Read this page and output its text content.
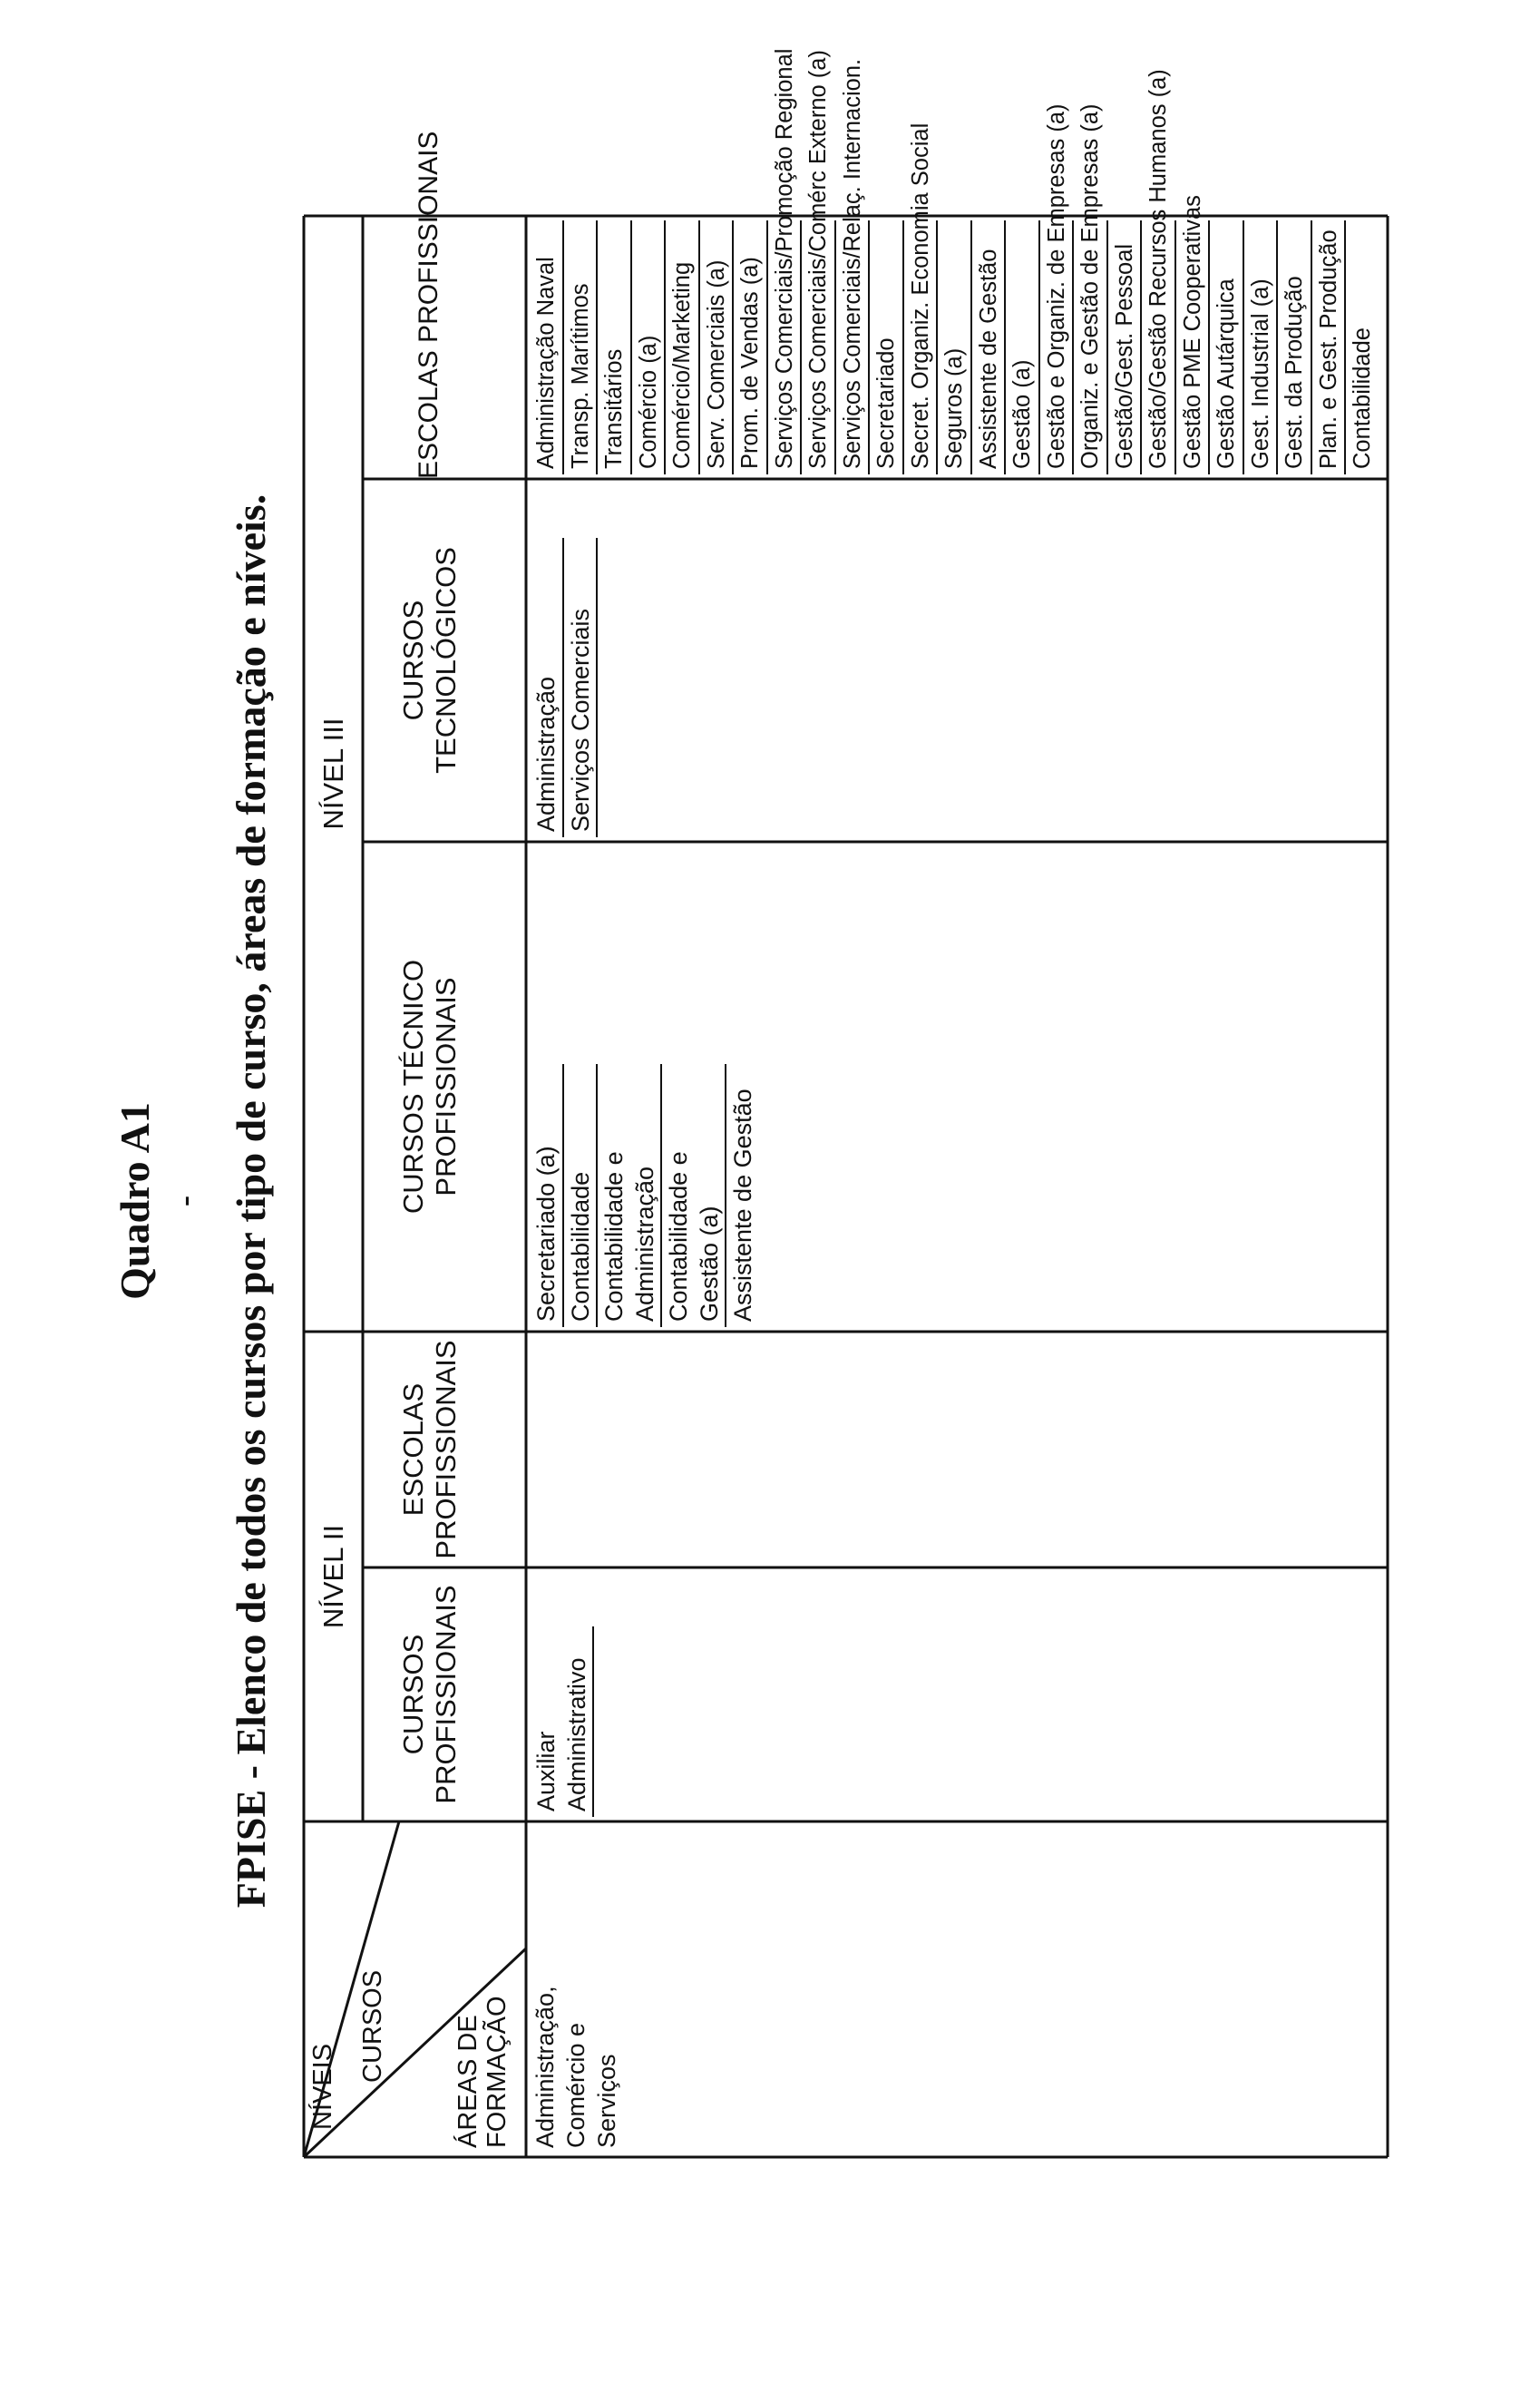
Quadro A1 - FPISE - Elenco de todos os cursos por tipo de curso, áreas de formação e níveis.
NÍVEIS
CURSOS	ÁREAS DE FORMAÇÃO
NÍVEL II
NÍVEL III
CURSOS PROFISSIONAIS
ESCOLAS PROFISSIONAIS
CURSOS TÉCNICO PROFISSIONAIS
CURSOS TECNOLÓGICOS
ESCOLAS PROFISSIONAIS
Administração, Comércio e Serviços
Auxiliar Administrativo
Secretariado (a) Contabilidade Contabilidade e Administração Contabilidade e Gestão (a) Assistente de Gestão
Administração Serviços Comerciais
Administração Naval Transp. Marítimos Transitários Comércio (a) Comércio/Marketing Serv. Comerciais (a) Prom. de Vendas (a) Serviços Comerciais/Promoção Regional Serviços Comerciais/Comérc Externo (a) Serviços Comerciais/Relaç. Internacion. Secretariado Secret. Organiz. Economia Social Seguros (a) Assistente de Gestão Gestão (a) Gestão e Organiz. de Empresas (a) Organiz. e Gestão de Empresas (a) Gestão/Gest. Pessoal Gestão/Gestão Recursos Humanos (a) Gestão PME Cooperativas Gestão Autárquica Gest. Industrial (a) Gest. da Produção Plan. e Gest. Produção Contabilidade
